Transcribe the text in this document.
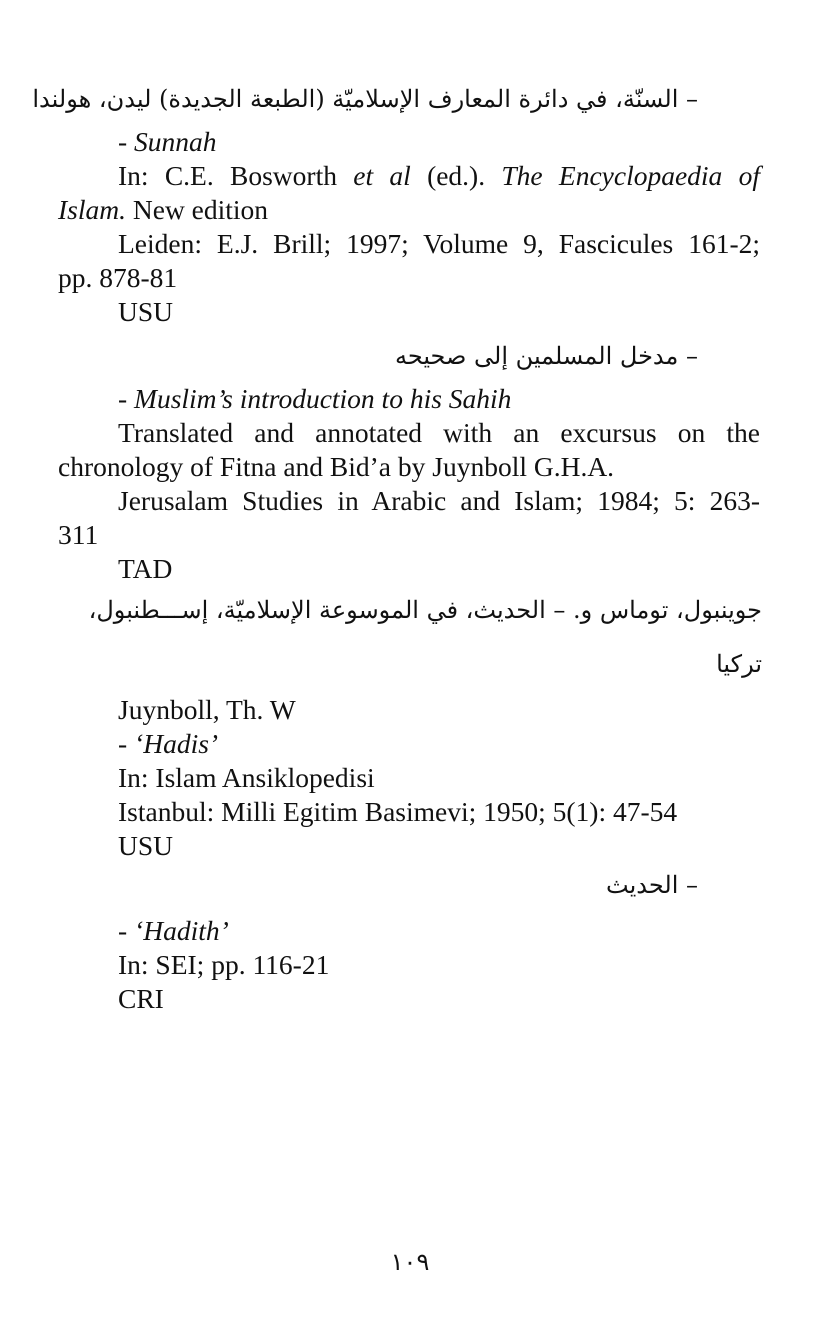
– السنّة، في دائرة المعارف الإسلاميّة (الطبعة الجديدة) ليدن، هولندا
- Sunnah
In: C.E. Bosworth et al (ed.). The Encyclopaedia of
Islam. New edition
Leiden: E.J. Brill; 1997; Volume 9, Fascicules 161-2;
pp. 878-81
USU
– مدخل المسلمين إلى صحيحه
- Muslim’s introduction to his Sahih
Translated and annotated with an excursus on the
chronology of Fitna and Bid’a by Juynboll G.H.A.
Jerusalam Studies in Arabic and Islam; 1984; 5: 263-
311
TAD
جوينبول، توماس و. – الحديث، في الموسوعة الإسلاميّة، إســـطنبول،
تركيا
Juynboll, Th. W
- ‘Hadis’
In: Islam Ansiklopedisi
Istanbul: Milli Egitim Basimevi; 1950; 5(1): 47-54
USU
– الحديث
- ‘Hadith’
In: SEI; pp. 116-21
CRI
١٠٩
